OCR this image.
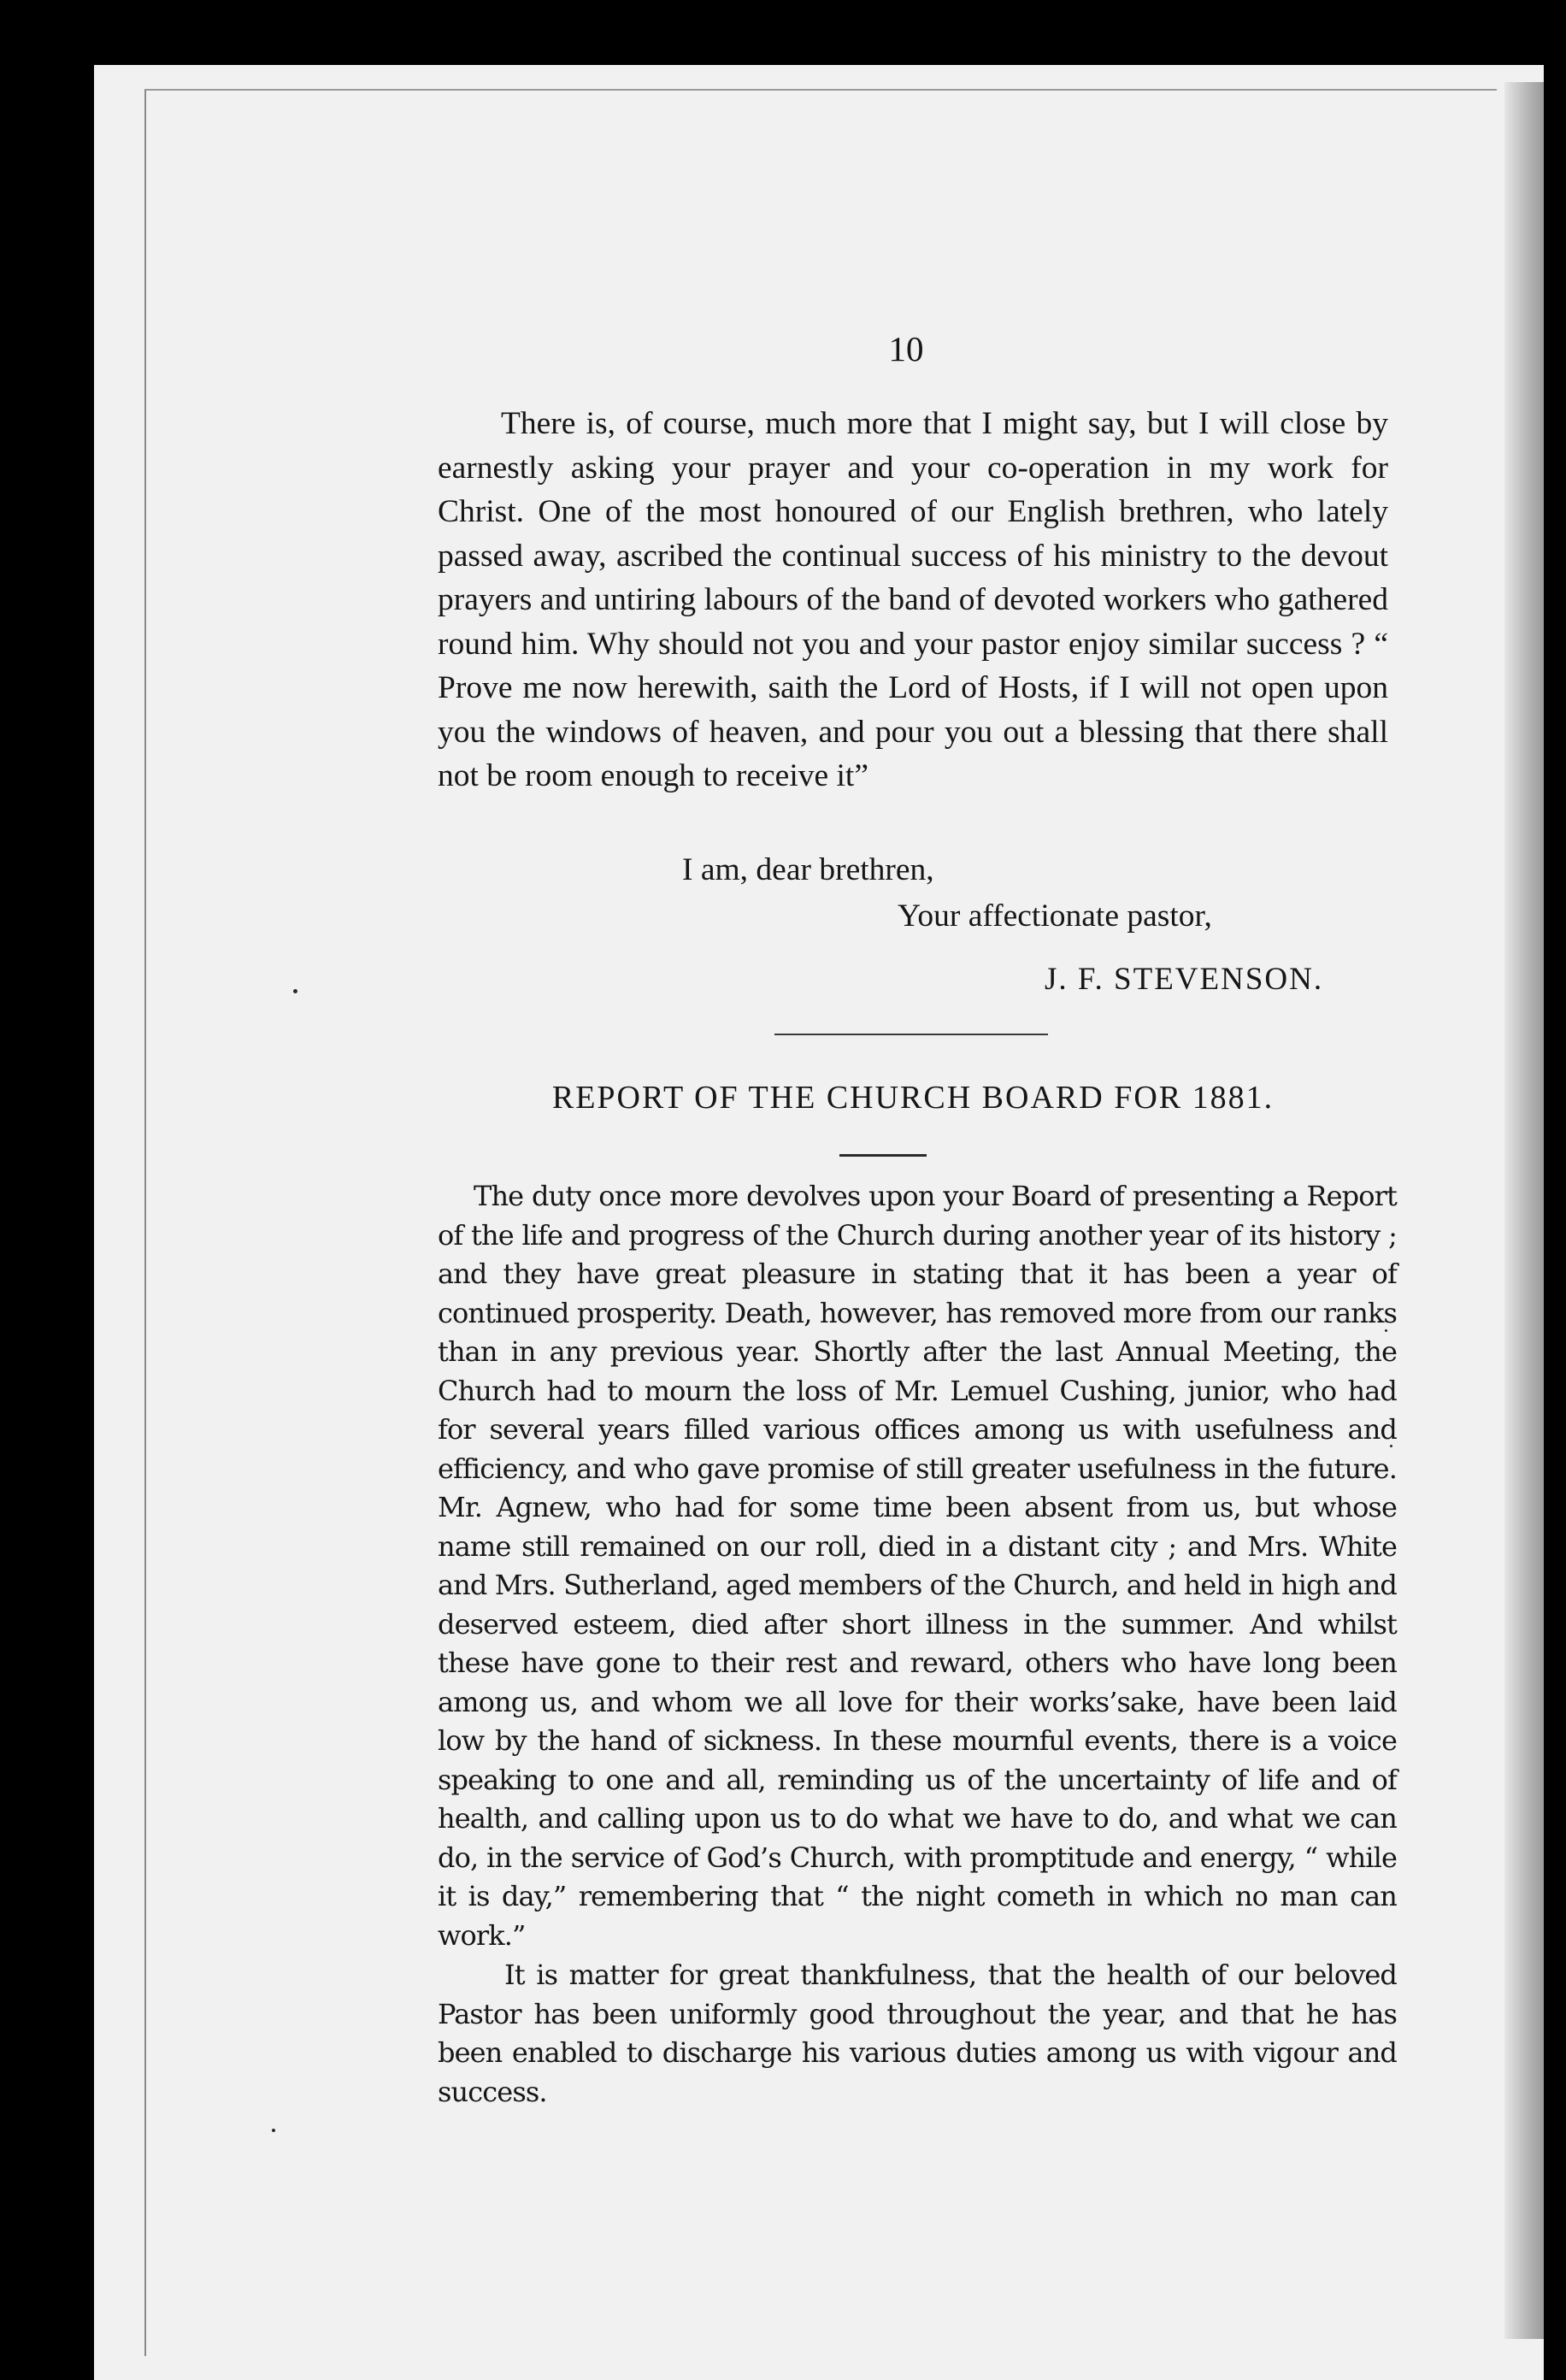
10

There is, of course, much more that I might say, but I will close by earnestly asking your prayer and your co-operation in my work for Christ. One of the most honoured of our English brethren, who lately passed away, ascribed the continual success of his ministry to the devout prayers and untiring labours of the band of devoted workers who gathered round him. Why should not you and your pastor enjoy similar success ? “ Prove me now herewith, saith the Lord of Hosts, if I will not open upon you the windows of heaven, and pour you out a blessing that there shall not be room enough to receive it”

I am, dear brethren,
Your affectionate pastor,
J. F. STEVENSON.
REPORT OF THE CHURCH BOARD FOR 1881.

The duty once more devolves upon your Board of presenting a Report of the life and progress of the Church during another year of its history ; and they have great pleasure in stating that it has been a year of continued prosperity. Death, however, has removed more from our ranks than in any previous year. Shortly after the last Annual Meeting, the Church had to mourn the loss of Mr. Lemuel Cushing, junior, who had for several years filled various offices among us with usefulness and efficiency, and who gave promise of still greater usefulness in the future. Mr. Agnew, who had for some time been absent from us, but whose name still remained on our roll, died in a distant city ; and Mrs. White and Mrs. Sutherland, aged members of the Church, and held in high and deserved esteem, died after short illness in the summer. And whilst these have gone to their rest and reward, others who have long been among us, and whom we all love for their works’sake, have been laid low by the hand of sickness. In these mournful events, there is a voice speaking to one and all, reminding us of the uncertainty of life and of health, and calling upon us to do what we have to do, and what we can do, in the service of God’s Church, with promptitude and energy, “ while it is day,” remembering that “ the night cometh in which no man can work.”

It is matter for great thankfulness, that the health of our beloved Pastor has been uniformly good throughout the year, and that he has been enabled to discharge his various duties among us with vigour and success.
